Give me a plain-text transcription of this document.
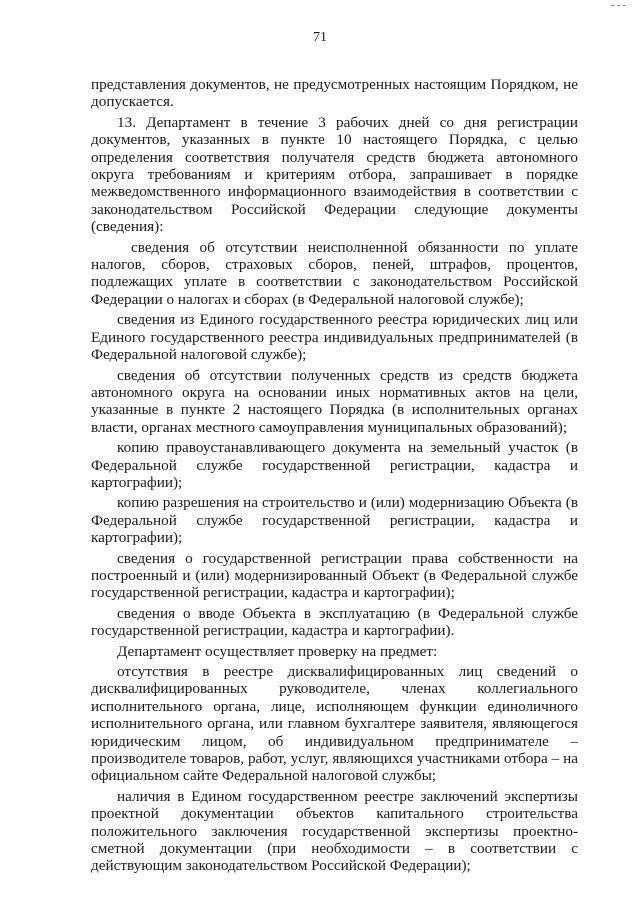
- - -
71

представления документов, не предусмотренных настоящим Порядком, не допускается.

13. Департамент в течение 3 рабочих дней со дня регистрации документов, указанных в пункте 10 настоящего Порядка, с целью определения соответствия получателя средств бюджета автономного округа требованиям и критериям отбора, запрашивает в порядке межведомственного информационного взаимодействия в соответствии с законодательством Российской Федерации следующие документы (сведения):

сведения об отсутствии неисполненной обязанности по уплате налогов, сборов, страховых сборов, пеней, штрафов, процентов, подлежащих уплате в соответствии с законодательством Российской Федерации о налогах и сборах (в Федеральной налоговой службе);

сведения из Единого государственного реестра юридических лиц или Единого государственного реестра индивидуальных предпринимателей (в Федеральной налоговой службе);

сведения об отсутствии полученных средств из средств бюджета автономного округа на основании иных нормативных актов на цели, указанные в пункте 2 настоящего Порядка (в исполнительных органах власти, органах местного самоуправления муниципальных образований);

копию правоустанавливающего документа на земельный участок (в Федеральной службе государственной регистрации, кадастра и картографии);

копию разрешения на строительство и (или) модернизацию Объекта (в Федеральной службе государственной регистрации, кадастра и картографии);

сведения о государственной регистрации права собственности на построенный и (или) модернизированный Объект (в Федеральной службе государственной регистрации, кадастра и картографии);

сведения о вводе Объекта в эксплуатацию (в Федеральной службе государственной регистрации, кадастра и картографии).

Департамент осуществляет проверку на предмет:

отсутствия в реестре дисквалифицированных лиц сведений о дисквалифицированных руководителе, членах коллегиального исполнительного органа, лице, исполняющем функции единоличного исполнительного органа, или главном бухгалтере заявителя, являющегося юридическим лицом, об индивидуальном предпринимателе – производителе товаров, работ, услуг, являющихся участниками отбора – на официальном сайте Федеральной налоговой службы;

наличия в Едином государственном реестре заключений экспертизы проектной документации объектов капитального строительства положительного заключения государственной экспертизы проектно-сметной документации (при необходимости – в соответствии с действующим законодательством Российской Федерации);
